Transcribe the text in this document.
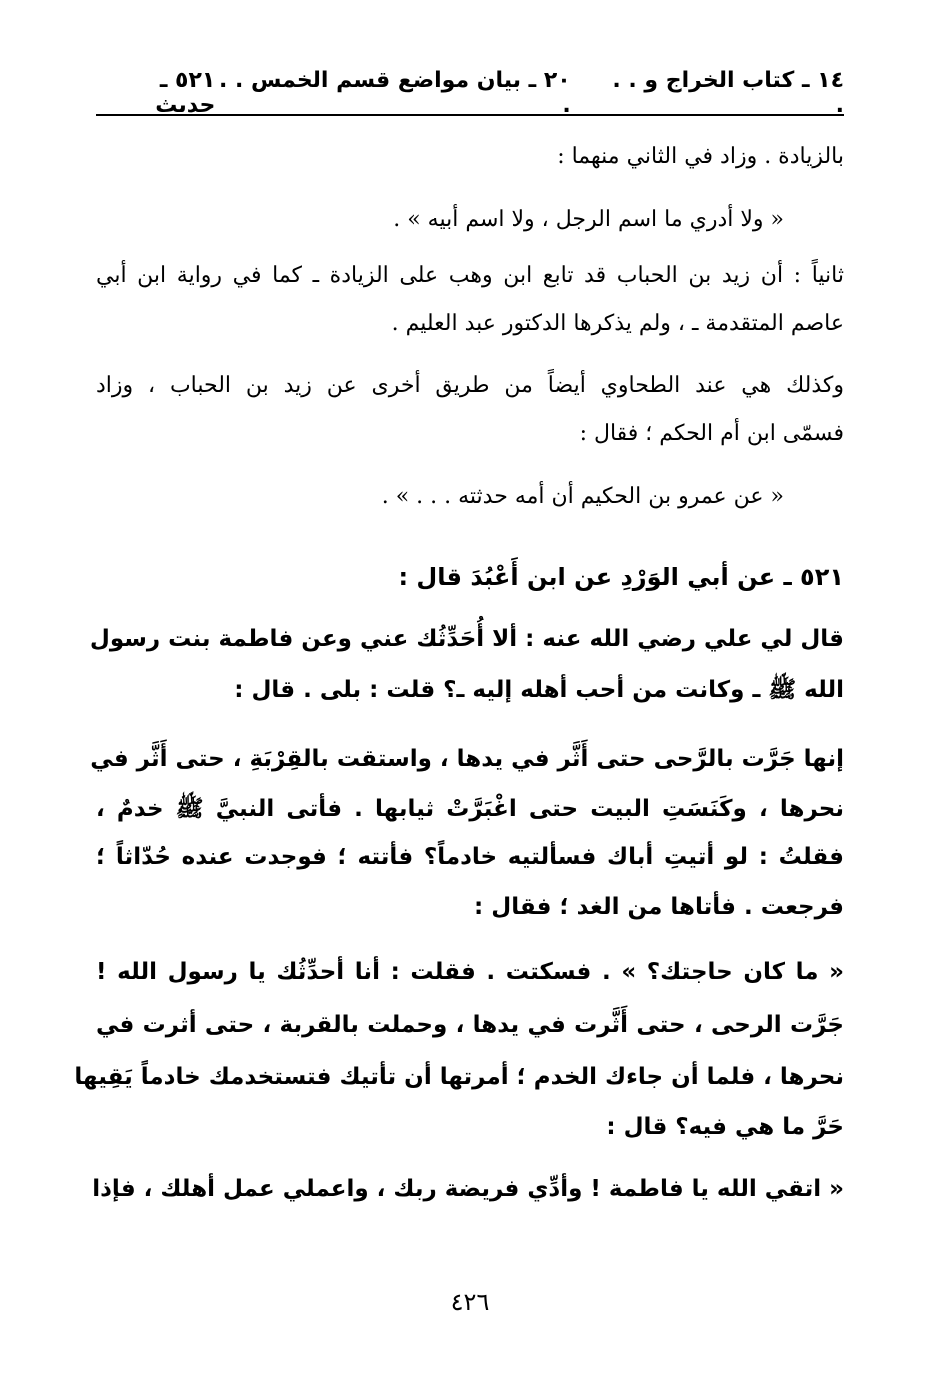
١٤ ـ كتاب الخراج و . . .
٢٠ ـ بيان مواضع قسم الخمس . . .
٥٢١ ـ حديث
بالزيادة . وزاد في الثاني منهما :
« ولا أدري ما اسم الرجل ، ولا اسم أبيه » .
ثانياً : أن زيد بن الحباب قد تابع ابن وهب على الزيادة ـ كما في رواية ابن أبي
عاصم المتقدمة ـ ، ولم يذكرها الدكتور عبد العليم .
وكذلك هي عند الطحاوي أيضاً من طريق أخرى عن زيد بن الحباب ، وزاد
فسمّى ابن أم الحكم ؛ فقال :
« عن عمرو بن الحكيم أن أمه حدثته . . . » .
٥٢١ ـ عن أبي الوَرْدِ عن ابن أَعْبُدَ قال :
قال لي علي رضي الله عنه : ألا أُحَدِّثُك عني وعن فاطمة بنت رسول
الله ﷺ ـ وكانت من أحب أهله إليه ـ؟ قلت : بلى . قال :
إنها جَرَّت بالرَّحى حتى أَثَّر في يدها ، واستقت بالقِرْبَةِ ، حتى أَثَّر في
نحرها ، وكَنَسَتِ البيت حتى اغْبَرَّتْ ثيابها . فأتى النبيَّ ﷺ خدمٌ ،
فقلتُ : لو أتيتِ أباك فسألتيه خادماً؟ فأتته ؛ فوجدت عنده حُدّاثاً ؛
فرجعت . فأتاها من الغد ؛ فقال :
« ما كان حاجتك؟ » . فسكتت . فقلت : أنا أحدِّثُك يا رسول الله !
جَرَّت الرحى ، حتى أَثَّرت في يدها ، وحملت بالقربة ، حتى أثرت في
نحرها ، فلما أن جاءك الخدم ؛ أمرتها أن تأتيك فتستخدمك خادماً يَقِيها
حَرَّ ما هي فيه؟ قال :
« اتقي الله يا فاطمة ! وأدِّي فريضة ربك ، واعملي عمل أهلك ، فإذا
٤٢٦
